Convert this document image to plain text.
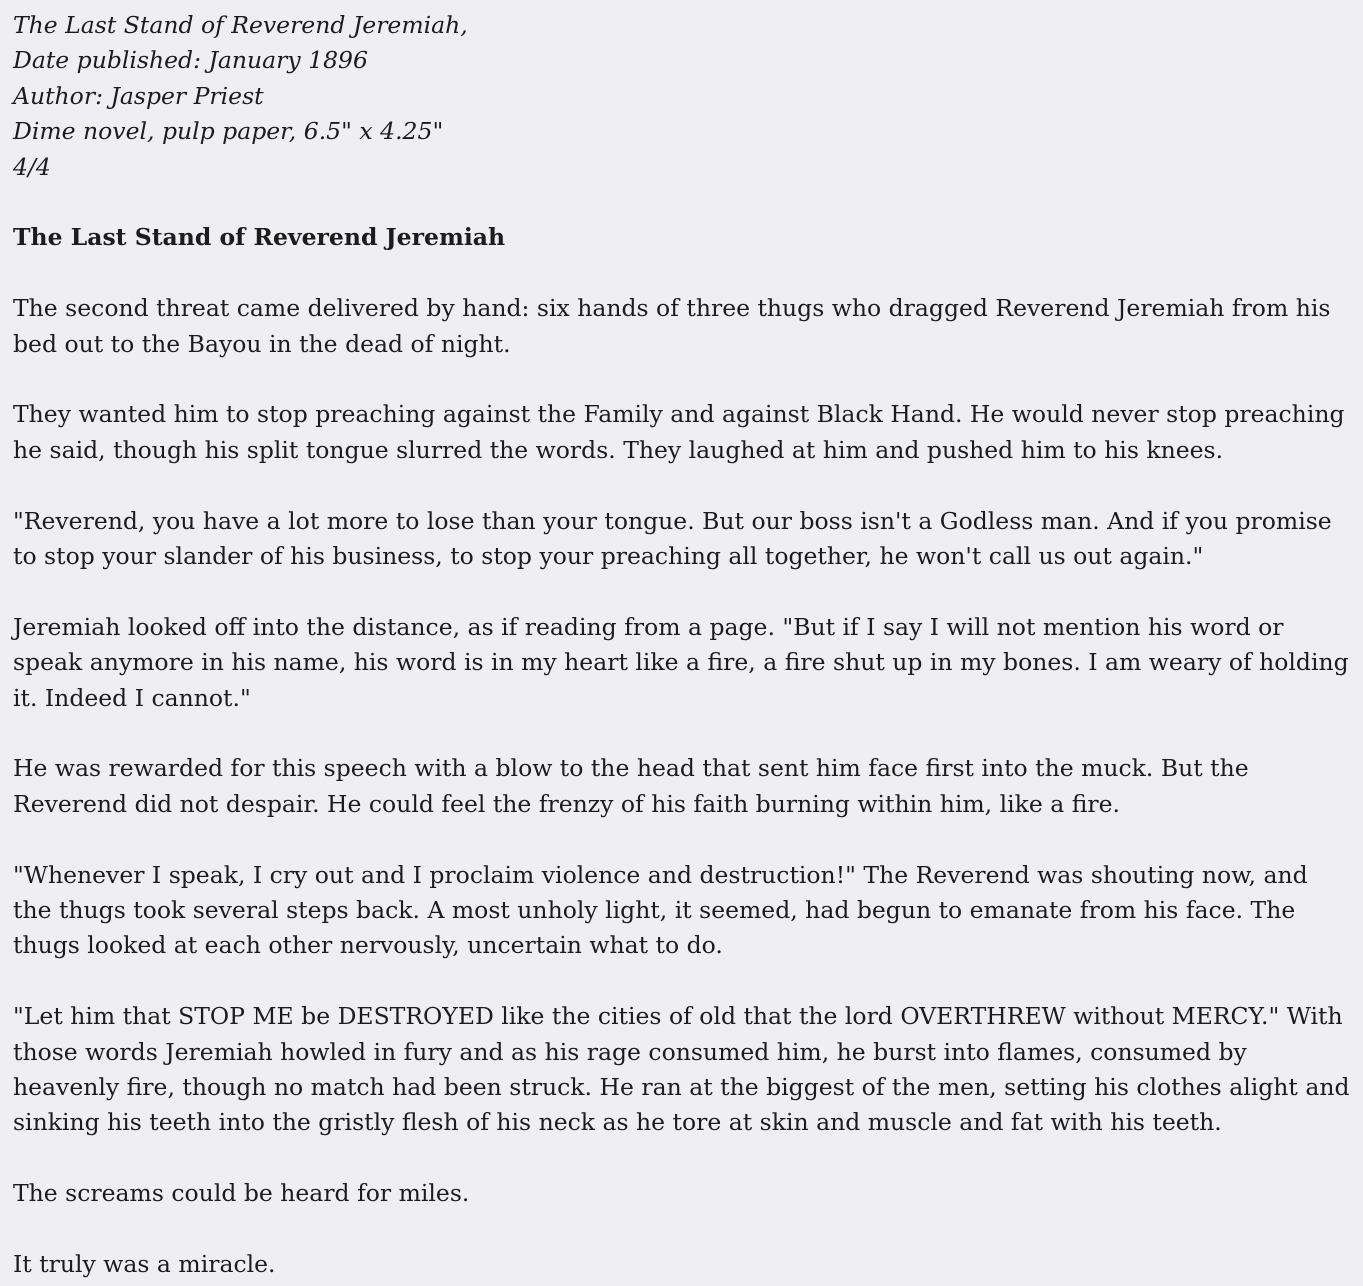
The Last Stand of Reverend Jeremiah,
Date published: January 1896
Author: Jasper Priest
Dime novel, pulp paper, 6.5" x 4.25"
4/4
The Last Stand of Reverend Jeremiah

The second threat came delivered by hand: six hands of three thugs who dragged Reverend Jeremiah from his bed out to the Bayou in the dead of night.

They wanted him to stop preaching against the Family and against Black Hand. He would never stop preaching he said, though his split tongue slurred the words. They laughed at him and pushed him to his knees.

"Reverend, you have a lot more to lose than your tongue. But our boss isn't a Godless man. And if you promise to stop your slander of his business, to stop your preaching all together, he won't call us out again."

Jeremiah looked off into the distance, as if reading from a page. "But if I say I will not mention his word or speak anymore in his name, his word is in my heart like a fire, a fire shut up in my bones. I am weary of holding it. Indeed I cannot."

He was rewarded for this speech with a blow to the head that sent him face first into the muck. But the Reverend did not despair. He could feel the frenzy of his faith burning within him, like a fire.

"Whenever I speak, I cry out and I proclaim violence and destruction!" The Reverend was shouting now, and the thugs took several steps back. A most unholy light, it seemed, had begun to emanate from his face. The thugs looked at each other nervously, uncertain what to do.

"Let him that STOP ME be DESTROYED like the cities of old that the lord OVERTHREW without MERCY." With those words Jeremiah howled in fury and as his rage consumed him, he burst into flames, consumed by heavenly fire, though no match had been struck. He ran at the biggest of the men, setting his clothes alight and sinking his teeth into the gristly flesh of his neck as he tore at skin and muscle and fat with his teeth.

The screams could be heard for miles.

It truly was a miracle.
